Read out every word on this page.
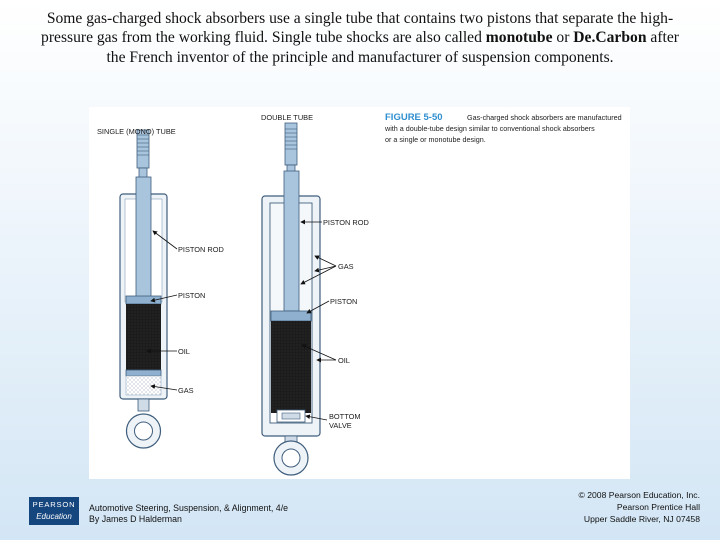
Some gas-charged shock absorbers use a single tube that contains two pistons that separate the high-pressure gas from the working fluid. Single tube shocks are also called monotube or De.Carbon after the French inventor of the principle and manufacturer of suspension components.
FIGURE 5-50	Gas-charged shock absorbers are manufactured
with a double-tube design similar to conventional shock absorbers
or a single or monotube design.
SINGLE (MONO) TUBE
PISTON ROD
PISTON
OIL
GAS
DOUBLE TUBE
PISTON ROD
GAS
PISTON
OIL
BOTTOM
VALVE
PEARSON
Education
Automotive Steering, Suspension, & Alignment, 4/e
By James D Halderman
© 2008 Pearson Education, Inc.
Pearson Prentice Hall
Upper Saddle River, NJ 07458
